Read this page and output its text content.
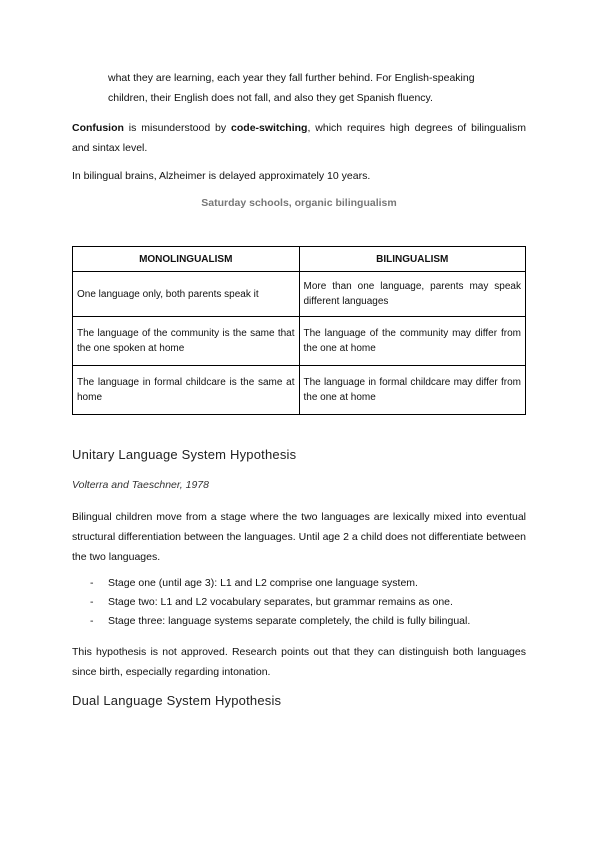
what they are learning, each year they fall further behind. For English-speaking
children, their English does not fall, and also they get Spanish fluency.
Confusion is misunderstood by code-switching, which requires high degrees of bilingualism and sintax level.
In bilingual brains, Alzheimer is delayed approximately 10 years.
Saturday schools, organic bilingualism
MONOLINGUALISM	BILINGUALISM
One language only, both parents speak it	More than one language, parents may speak different languages
The language of the community is the same that the one spoken at home	The language of the community may differ from the one at home
The language in formal childcare is the same at home	The language in formal childcare may differ from the one at home
Unitary Language System Hypothesis
Volterra and Taeschner, 1978
Bilingual children move from a stage where the two languages are lexically mixed into eventual structural differentiation between the languages. Until age 2 a child does not differentiate between the two languages.
- Stage one (until age 3): L1 and L2 comprise one language system.
- Stage two: L1 and L2 vocabulary separates, but grammar remains as one.
- Stage three: language systems separate completely, the child is fully bilingual.
This hypothesis is not approved. Research points out that they can distinguish both languages since birth, especially regarding intonation.
Dual Language System Hypothesis
